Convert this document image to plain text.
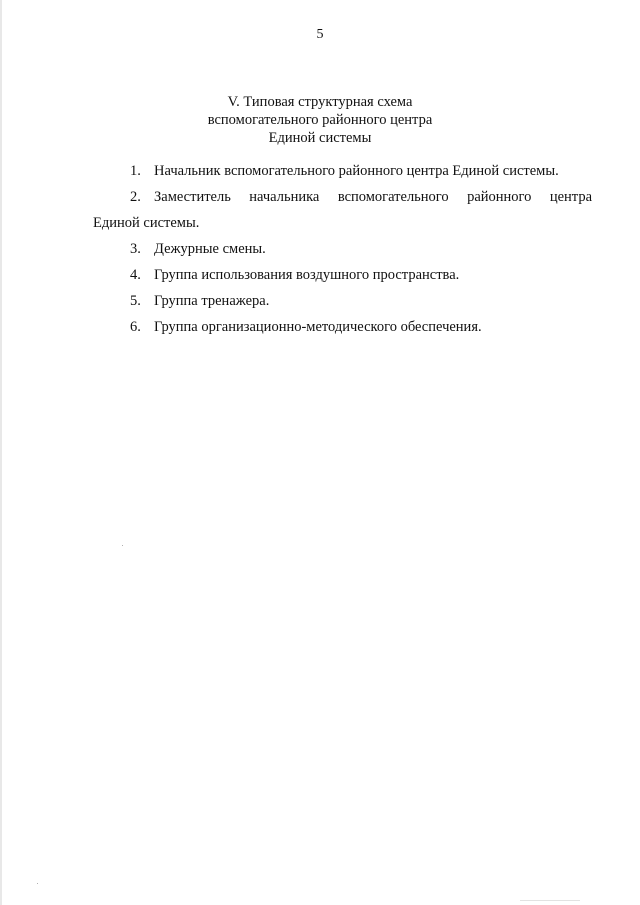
5
V. Типовая структурная схема
вспомогательного районного центра
Единой системы
1. Начальник вспомогательного районного центра Единой системы.
2. Заместитель начальника вспомогательного районного центра
Единой системы.
3. Дежурные смены.
4. Группа использования воздушного пространства.
5. Группа тренажера.
6. Группа организационно-методического обеспечения.
